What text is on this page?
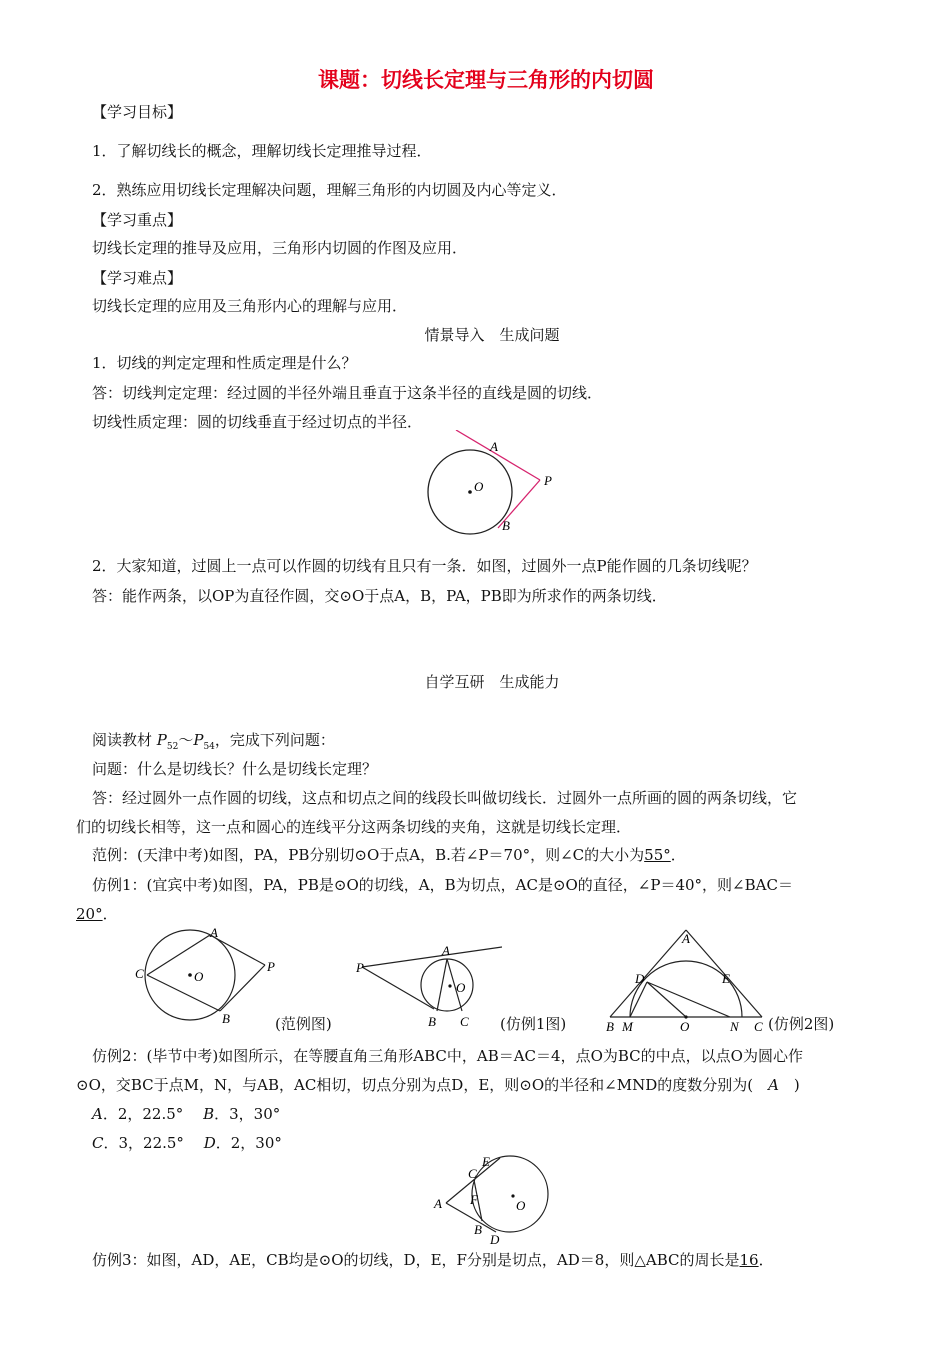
课题：切线长定理与三角形的内切圆
【学习目标】
1．了解切线长的概念，理解切线长定理推导过程．
2．熟练应用切线长定理解决问题，理解三角形的内切圆及内心等定义．
【学习重点】
切线长定理的推导及应用，三角形内切圆的作图及应用．
【学习难点】
切线长定理的应用及三角形内心的理解与应用．
情景导入　生成问题
1．切线的判定定理和性质定理是什么？
答：切线判定定理：经过圆的半径外端且垂直于这条半径的直线是圆的切线．
切线性质定理：圆的切线垂直于经过切点的半径．
A
O	P
B
2．大家知道，过圆上一点可以作圆的切线有且只有一条．如图，过圆外一点P能作圆的几条切线呢？
答：能作两条，以OP为直径作圆，交⊙O于点A，B，PA，PB即为所求作的两条切线．
自学互研　生成能力
阅读教材 $P_{52}\sim P_{54}$，完成下列问题：
问题：什么是切线长？什么是切线长定理？
答：经过圆外一点作圆的切线，这点和切点之间的线段长叫做切线长．过圆外一点所画的圆的两条切线，它
们的切线长相等，这一点和圆心的连线平分这两条切线的夹角，这就是切线长定理．
范例：(天津中考)如图，PA，PB分别切⊙O于点A，B.若∠P＝70°，则∠C的大小为55°．
仿例1：(宜宾中考)如图，PA，PB是⊙O的切线，A，B为切点，AC是⊙O的直径，∠P＝40°，则∠BAC＝
20°．
A
C	O
P
B	(范例图)
A
P
O
B C (仿例1图)
A
D	E
B M	O	N C (仿例2图)
仿例2：(毕节中考)如图所示，在等腰直角三角形ABC中，AB＝AC＝4，点O为BC的中点，以点O为圆心作
⊙O，交BC于点M，N，与AB，AC相切，切点分别为点D，E，则⊙O的半径和∠MND的度数分别为(　A　)
A．2，22.5°  B．3，30°
C．3，22.5°  D．2，30°
E
C
A F	O
B
D
仿例3：如图，AD，AE，CB均是⊙O的切线，D，E，F分别是切点，AD＝8，则△ABC的周长是16．
